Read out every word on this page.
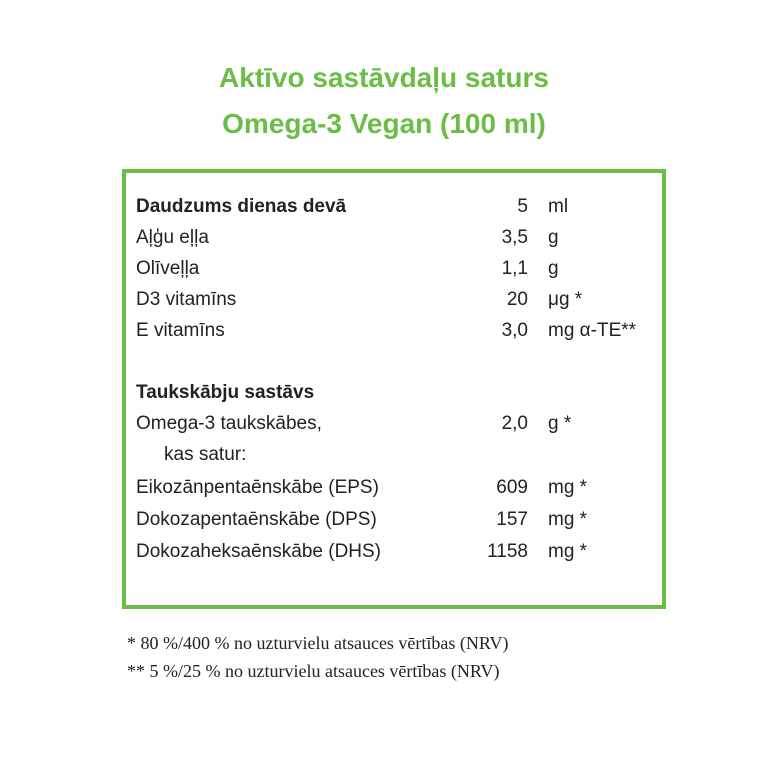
Aktīvo sastāvdaļu saturs
Omega-3 Vegan (100 ml)
Daudzums dienas devā	5 ml
Aļģu eļļa	3,5 g
Olīveļļa	1,1 g
D3 vitamīns	20 μg *
E vitamīns	3,0 mg α-TE**
Taukskābju sastāvs
Omega-3 taukskābes,	2,0 g *
kas satur:
Eikozānpentaēnskābe (EPS)	609 mg *
Dokozapentaēnskābe (DPS)	157 mg *
Dokozaheksaēnskābe (DHS)	1158 mg *
* 80 %/400 % no uzturvielu atsauces vērtības (NRV)
** 5 %/25 % no uzturvielu atsauces vērtības (NRV)
